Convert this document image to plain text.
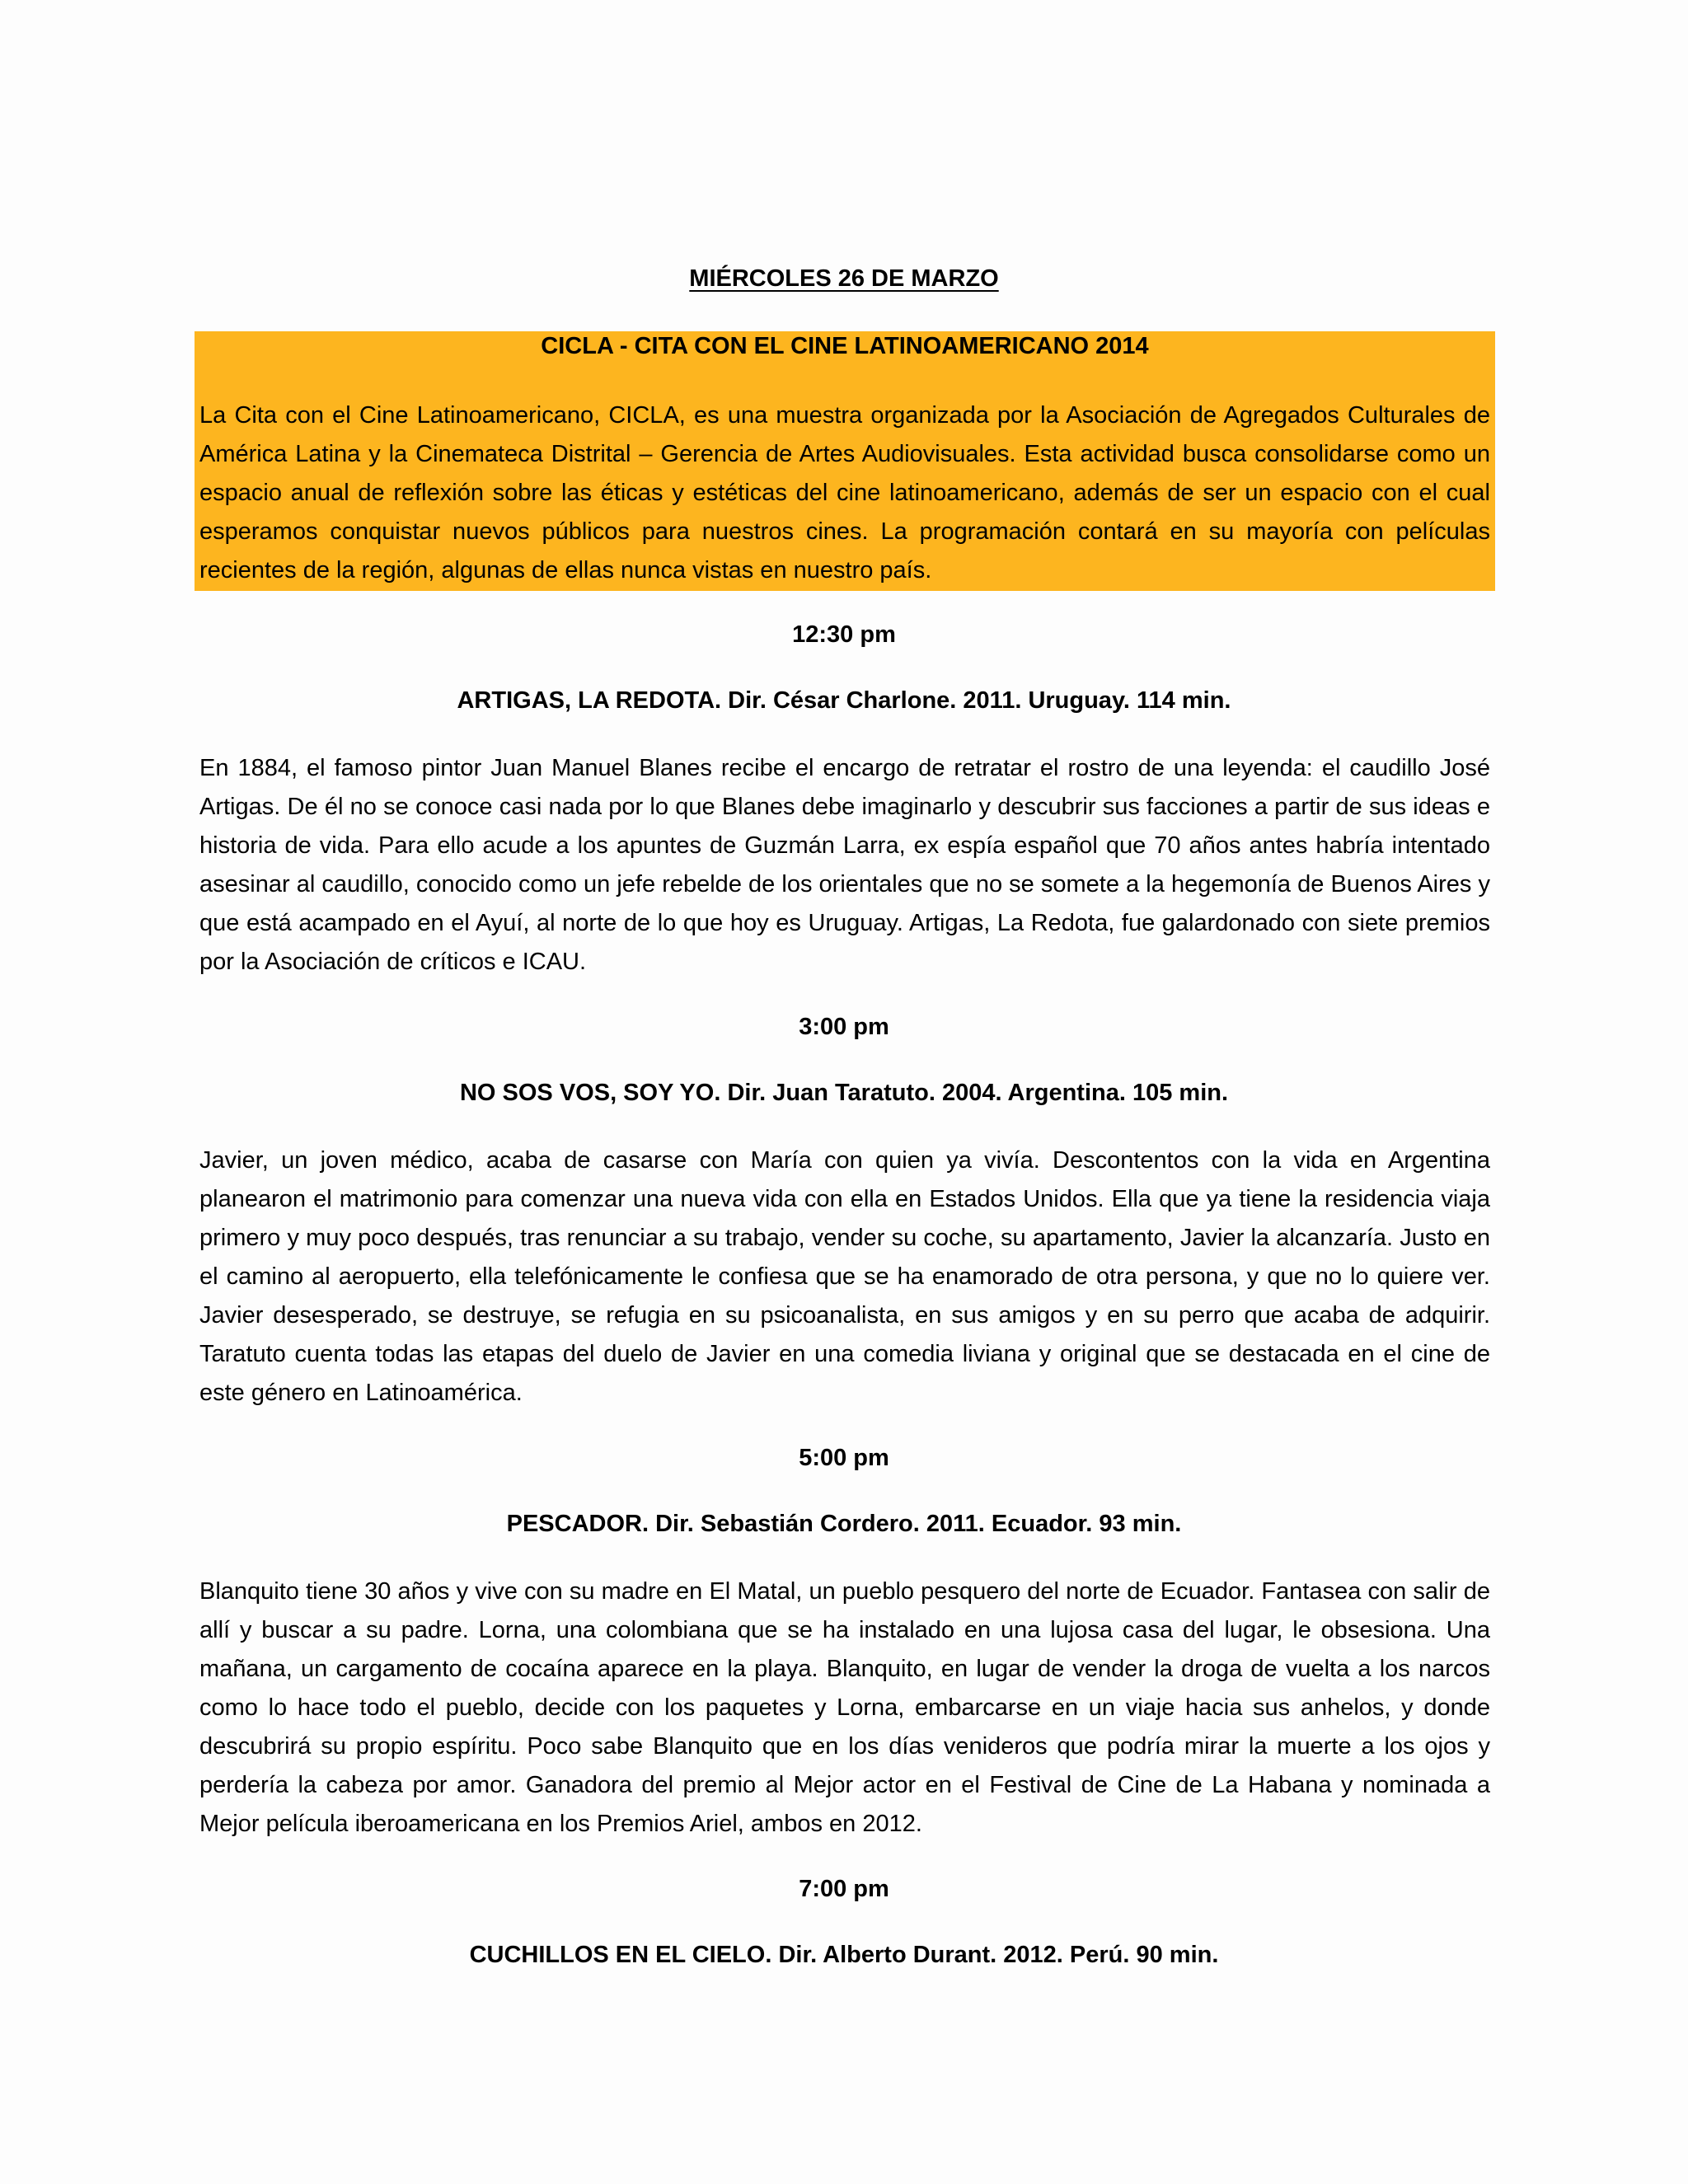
MIÉRCOLES 26 DE MARZO
CICLA - CITA CON EL CINE LATINOAMERICANO 2014

La Cita con el Cine Latinoamericano, CICLA, es una muestra organizada por la Asociación de Agregados Culturales de América Latina y la Cinemateca Distrital – Gerencia de Artes Audiovisuales. Esta actividad busca consolidarse como un espacio anual de reflexión sobre las éticas y estéticas del cine latinoamericano, además de ser un espacio con el cual esperamos conquistar nuevos públicos para nuestros cines. La programación contará en su mayoría con películas recientes de la región, algunas de ellas nunca vistas en nuestro país.

12:30 pm
ARTIGAS, LA REDOTA. Dir. César Charlone. 2011. Uruguay. 114 min.

En 1884, el famoso pintor Juan Manuel Blanes recibe el encargo de retratar el rostro de una leyenda: el caudillo José Artigas. De él no se conoce casi nada por lo que Blanes debe imaginarlo y descubrir sus facciones a partir de sus ideas e historia de vida. Para ello acude a los apuntes de Guzmán Larra, ex espía español que 70 años antes habría intentado asesinar al caudillo, conocido como un jefe rebelde de los orientales que no se somete a la hegemonía de Buenos Aires y que está acampado en el Ayuí, al norte de lo que hoy es Uruguay. Artigas, La Redota, fue galardonado con siete premios por la Asociación de críticos e ICAU.

3:00 pm
NO SOS VOS, SOY YO. Dir. Juan Taratuto. 2004. Argentina. 105 min.

Javier, un joven médico, acaba de casarse con María con quien ya vivía. Descontentos con la vida en Argentina planearon el matrimonio para comenzar una nueva vida con ella en Estados Unidos. Ella que ya tiene la residencia viaja primero y muy poco después, tras renunciar a su trabajo, vender su coche, su apartamento, Javier la alcanzaría. Justo en el camino al aeropuerto, ella telefónicamente le confiesa que se ha enamorado de otra persona, y que no lo quiere ver. Javier desesperado, se destruye, se refugia en su psicoanalista, en sus amigos y en su perro que acaba de adquirir. Taratuto cuenta todas las etapas del duelo de Javier en una comedia liviana y original que se destacada en el cine de este género en Latinoamérica.

5:00 pm
PESCADOR. Dir. Sebastián Cordero. 2011. Ecuador. 93 min.

Blanquito tiene 30 años y vive con su madre en El Matal, un pueblo pesquero del norte de Ecuador. Fantasea con salir de allí y buscar a su padre. Lorna, una colombiana que se ha instalado en una lujosa casa del lugar, le obsesiona. Una mañana, un cargamento de cocaína aparece en la playa. Blanquito, en lugar de vender la droga de vuelta a los narcos como lo hace todo el pueblo, decide con los paquetes y Lorna, embarcarse en un viaje hacia sus anhelos, y donde descubrirá su propio espíritu. Poco sabe Blanquito que en los días venideros que podría mirar la muerte a los ojos y perdería la cabeza por amor. Ganadora del premio al Mejor actor en el Festival de Cine de La Habana y nominada a Mejor película iberoamericana en los Premios Ariel, ambos en 2012.

7:00 pm
CUCHILLOS EN EL CIELO. Dir. Alberto Durant. 2012. Perú. 90 min.
